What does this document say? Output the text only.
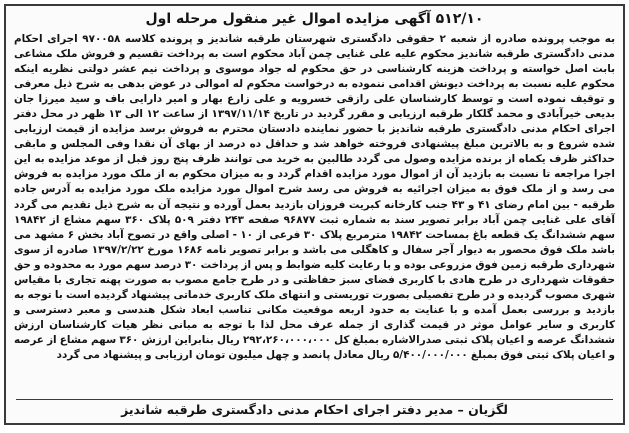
۵۱۲/۱۰ آگهی مزایده اموال غیر منقول مرحله اول

به موجب پرونده صادره از شعبه ۲ حقوقی دادگستری شهرستان طرقبه شاندیز و پرونده کلاسه ۹۷۰۰۵۸ اجرای احکام مدنی دادگستری طرقبه شاندیز محکوم علیه علی غنایی چمن آباد محکوم است به پرداخت تقسیم و فروش ملک مشاعی بابت اصل خواسته و پرداخت هزینه کارشناسی در حق محکوم له جواد موسوی و پرداخت نیم عشر دولتی نظریه اینکه محکوم علیه نسبت به پرداخت دیونش اقدامی ننموده به درخواست محکوم له اموالی در عوض بدهی به شرح ذیل معرفی و توقیف نموده است و توسط کارشناسان علی رازقی خسرویه و علی زارع بهار و امیر دارایی باف و سید میرزا جان بدیعی خیرآبادی و محمد گلکار طرقبه ارزیابی و مقرر گردید در تاریخ ۱۳۹۷/۱۱/۱۴ از ساعت ۱۲ الی ۱۳ ظهر در محل دفتر اجرای احکام مدنی دادگستری طرقبه شاندیز با حضور نماینده دادستان محترم به فروش برسد مزایده از قیمت ارزیابی شده شروع و به بالاترین مبلغ پیشنهادی فروخته خواهد شد و حداقل ده درصد از بهای آن نقدا وفی المجلس و مابقی حداکثر ظرف یکماه از برنده مزایده وصول می گردد طالبین به خرید می توانند ظرف پنج روز قبل از موعد مزایده به این اجرا مراجعه تا نسبت به بازدید آن از اموال مورد مزایده اقدام گردد و به میزان محکوم به از ملک مورد مزایده به فروش می رسد و از ملک فوق به میزان اجرائیه به فروش می رسد شرح اموال مورد مزایده ملک مورد مزایده به آدرس جاده طرقبه - بین امام رضای ۴۱ و ۴۳ جنب کارخانه کبریت فروزان بازدید بعمل آورده و نتیجه آن به شرح ذیل تقدیم می گردد آقای علی غنایی چمن آباد برابر تصویر سند به شماره ثبت ۹۶۸۷۷ صفحه ۲۴۳ دفتر ۵۰۹ پلاک ۳۶۰ سهم مشاع از ۱۹۸۴۲ سهم ششدانگ یک قطعه باغ بمساحت ۱۹۸۴۲ مترمربع پلاک ۳۰ فرعی از ۱۰ - اصلی واقع در تصوح آباد بخش ۶ مشهد می باشد ملک فوق محصور به دیوار آجر سفال و کاهگلی می باشد و برابر تصویر نامه ۱۶۸۶ مورخ ۱۳۹۷/۲/۲۲ صادره از سوی شهرداری طرقبه زمین فوق مزروعی بوده و با رعایت کلیه ضوابط و پس از پرداخت ۳۰ درصد سهم مورد به محدوده و حق حقوقات شهرداری در طرح هادی با کاربری فضای سبز حفاظتی و در طرح جامع مصوب به صورت پهنه تجاری با مقیاس شهری مصوب گردیده و در طرح تفصیلی بصورت توریستی و انتهای ملک کاربری خدماتی پیشنهاد گردیده است با توجه به بازدید و بررسی بعمل آمده و با عنایت به حدود اربعه موقعیت مکانی تناسب ابعاد شکل هندسی و معبر دسترسی و کاربری و سایر عوامل موثر در قیمت گذاری از جمله عرف محل لذا با توجه به مبانی نظر هیات کارشناسان ارزش ششدانگ عرصه و اعیان پلاک ثبتی صدرالاشاره بمبلغ کل ۲۹۲،۲۶۰،۰۰۰،۰۰۰ ریال بنابراین ارزش ۳۶۰ سهم مشاع از عرصه و اعیان پلاک ثبتی فوق بمبلغ ۵/۴۰۰/۰۰۰/۰۰۰ ریال معادل پانصد و چهل میلیون تومان ارزیابی و پیشنهاد می گردد

لگزیان – مدیر دفتر اجرای احکام مدنی دادگستری طرقبه شاندیز
